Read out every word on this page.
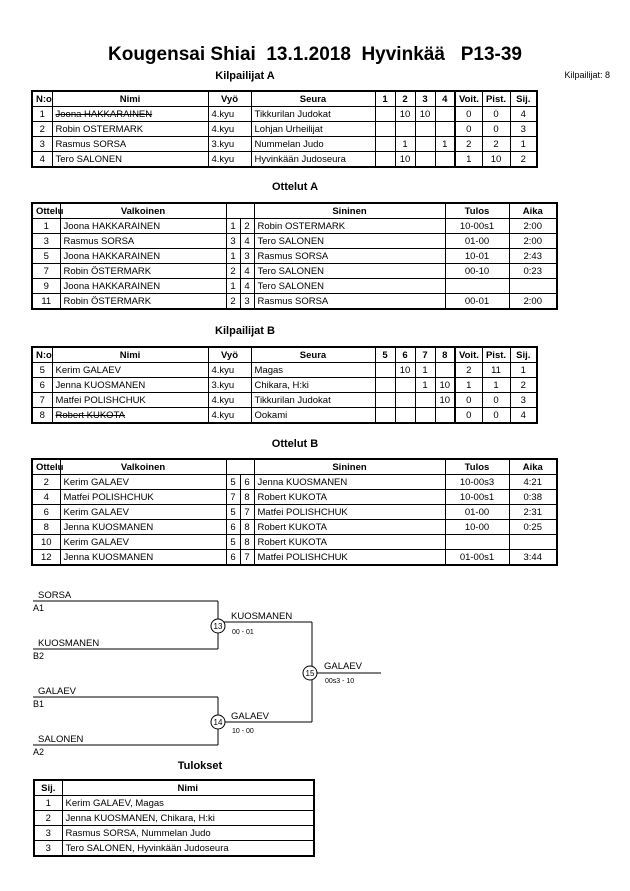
Kougensai Shiai  13.1.2018  Hyvinkää   P13-39
Kilpailijat: 8
Kilpailijat A
N:o	Nimi	Vyö	Seura	1	2	3	4	Voit.	Pist.	Sij.
1	Joona HAKKARAINEN	4.kyu	Tikkurilan Judokat		10	10		0	0	4
2	Robin OSTERMARK	4.kyu	Lohjan Urheilijat					0	0	3
3	Rasmus SORSA	3.kyu	Nummelan Judo		1		1	2	2	1
4	Tero SALONEN	4.kyu	Hyvinkään Judoseura		10			1	10	2
Ottelut A
Ottelu	Valkoinen			Sininen	Tulos	Aika
1	Joona HAKKARAINEN	1	2	Robin OSTERMARK	10-00s1	2:00
3	Rasmus SORSA	3	4	Tero SALONEN	01-00	2:00
5	Joona HAKKARAINEN	1	3	Rasmus SORSA	10-01	2:43
7	Robin ÖSTERMARK	2	4	Tero SALONEN	00-10	0:23
9	Joona HAKKARAINEN	1	4	Tero SALONEN		
11	Robin ÖSTERMARK	2	3	Rasmus SORSA	00-01	2:00
Kilpailijat B
N:o	Nimi	Vyö	Seura	5	6	7	8	Voit.	Pist.	Sij.
5	Kerim GALAEV	4.kyu	Magas		10	1		2	11	1
6	Jenna KUOSMANEN	3.kyu	Chikara, H:ki			1	10	1	1	2
7	Matfei POLISHCHUK	4.kyu	Tikkurilan Judokat				10	0	0	3
8	Robert KUKOTA	4.kyu	Ookami					0	0	4
Ottelut B
Ottelu	Valkoinen			Sininen	Tulos	Aika
2	Kerim GALAEV	5	6	Jenna KUOSMANEN	10-00s3	4:21
4	Matfei POLISHCHUK	7	8	Robert KUKOTA	10-00s1	0:38
6	Kerim GALAEV	5	7	Matfei POLISHCHUK	01-00	2:31
8	Jenna KUOSMANEN	6	8	Robert KUKOTA	10-00	0:25
10	Kerim GALAEV	5	8	Robert KUKOTA		
12	Jenna KUOSMANEN	6	7	Matfei POLISHCHUK	01-00s1	3:44
SORSA
A1
KUOSMANEN
B2
GALAEV
B1
SALONEN
A2
13
KUOSMANEN
00 - 01
14
GALAEV
10 - 00
15
GALAEV
00s3 - 10
Tulokset
Sij.	Nimi
1	Kerim GALAEV, Magas
2	Jenna KUOSMANEN, Chikara, H:ki
3	Rasmus SORSA, Nummelan Judo
3	Tero SALONEN, Hyvinkään Judoseura
